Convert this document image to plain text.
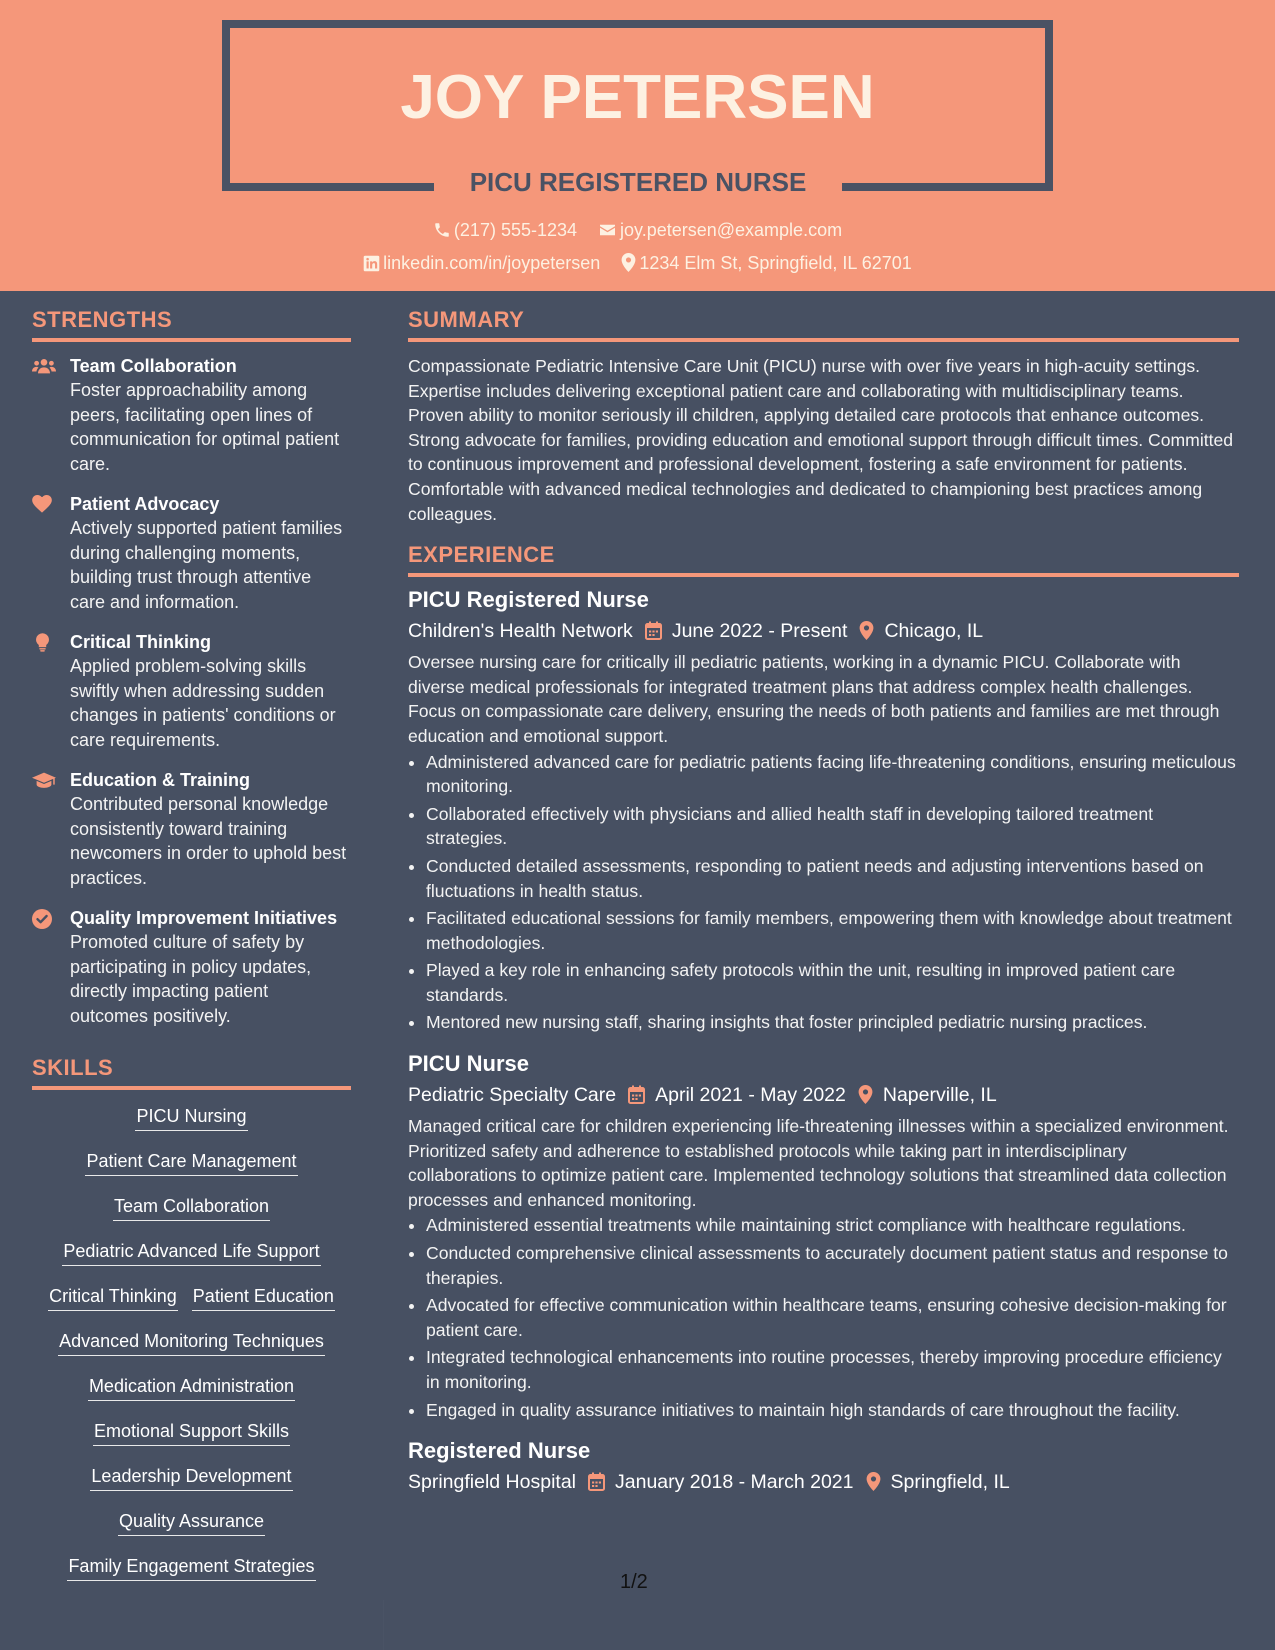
JOY PETERSEN
PICU REGISTERED NURSE
(217) 555-1234 joy.petersen@example.com
linkedin.com/in/joypetersen 1234 Elm St, Springfield, IL 62701
STRENGTHS
Team Collaboration
Foster approachability among peers, facilitating open lines of communication for optimal patient care.
Patient Advocacy
Actively supported patient families during challenging moments, building trust through attentive care and information.
Critical Thinking
Applied problem-solving skills swiftly when addressing sudden changes in patients' conditions or care requirements.
Education & Training
Contributed personal knowledge consistently toward training newcomers in order to uphold best practices.
Quality Improvement Initiatives
Promoted culture of safety by participating in policy updates, directly impacting patient outcomes positively.
SKILLS
PICU Nursing
Patient Care Management
Team Collaboration
Pediatric Advanced Life Support
Critical Thinking Patient Education
Advanced Monitoring Techniques
Medication Administration
Emotional Support Skills
Leadership Development
Quality Assurance
Family Engagement Strategies
SUMMARY
Compassionate Pediatric Intensive Care Unit (PICU) nurse with over five years in high-acuity settings. Expertise includes delivering exceptional patient care and collaborating with multidisciplinary teams. Proven ability to monitor seriously ill children, applying detailed care protocols that enhance outcomes. Strong advocate for families, providing education and emotional support through difficult times. Committed to continuous improvement and professional development, fostering a safe environment for patients. Comfortable with advanced medical technologies and dedicated to championing best practices among colleagues.
EXPERIENCE
PICU Registered Nurse
Children's Health Network June 2022 - Present Chicago, IL
Oversee nursing care for critically ill pediatric patients, working in a dynamic PICU. Collaborate with diverse medical professionals for integrated treatment plans that address complex health challenges. Focus on compassionate care delivery, ensuring the needs of both patients and families are met through education and emotional support.
• Administered advanced care for pediatric patients facing life-threatening conditions, ensuring meticulous monitoring.
• Collaborated effectively with physicians and allied health staff in developing tailored treatment strategies.
• Conducted detailed assessments, responding to patient needs and adjusting interventions based on fluctuations in health status.
• Facilitated educational sessions for family members, empowering them with knowledge about treatment methodologies.
• Played a key role in enhancing safety protocols within the unit, resulting in improved patient care standards.
• Mentored new nursing staff, sharing insights that foster principled pediatric nursing practices.
PICU Nurse
Pediatric Specialty Care April 2021 - May 2022 Naperville, IL
Managed critical care for children experiencing life-threatening illnesses within a specialized environment. Prioritized safety and adherence to established protocols while taking part in interdisciplinary collaborations to optimize patient care. Implemented technology solutions that streamlined data collection processes and enhanced monitoring.
• Administered essential treatments while maintaining strict compliance with healthcare regulations.
• Conducted comprehensive clinical assessments to accurately document patient status and response to therapies.
• Advocated for effective communication within healthcare teams, ensuring cohesive decision-making for patient care.
• Integrated technological enhancements into routine processes, thereby improving procedure efficiency in monitoring.
• Engaged in quality assurance initiatives to maintain high standards of care throughout the facility.
Registered Nurse
Springfield Hospital January 2018 - March 2021 Springfield, IL
1/2
